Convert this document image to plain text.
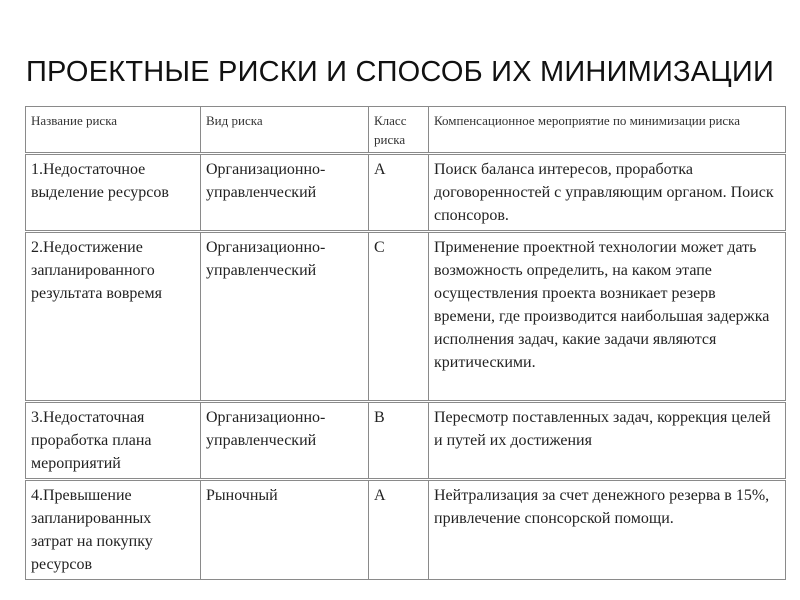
ПРОЕКТНЫЕ РИСКИ И СПОСОБ ИХ МИНИМИЗАЦИИ
Название риска	Вид риска	Класс риска	Компенсационное мероприятие по минимизации риска
1.Недостаточное выделение ресурсов	Организационно-управленческий	А	Поиск баланса интересов, проработка договоренностей с управляющим органом. Поиск спонсоров.
2.Недостижение запланированного результата вовремя	Организационно-управленческий	С	Применение проектной технологии может дать возможность определить, на каком этапе осуществления проекта возникает резерв времени, где производится наибольшая задержка исполнения задач, какие задачи являются критическими.
3.Недостаточная проработка плана мероприятий	Организационно-управленческий	В	Пересмотр поставленных задач, коррекция целей и путей их достижения
4.Превышение запланированных затрат на покупку ресурсов	Рыночный	А	Нейтрализация за счет денежного резерва в 15%, привлечение спонсорской помощи.
